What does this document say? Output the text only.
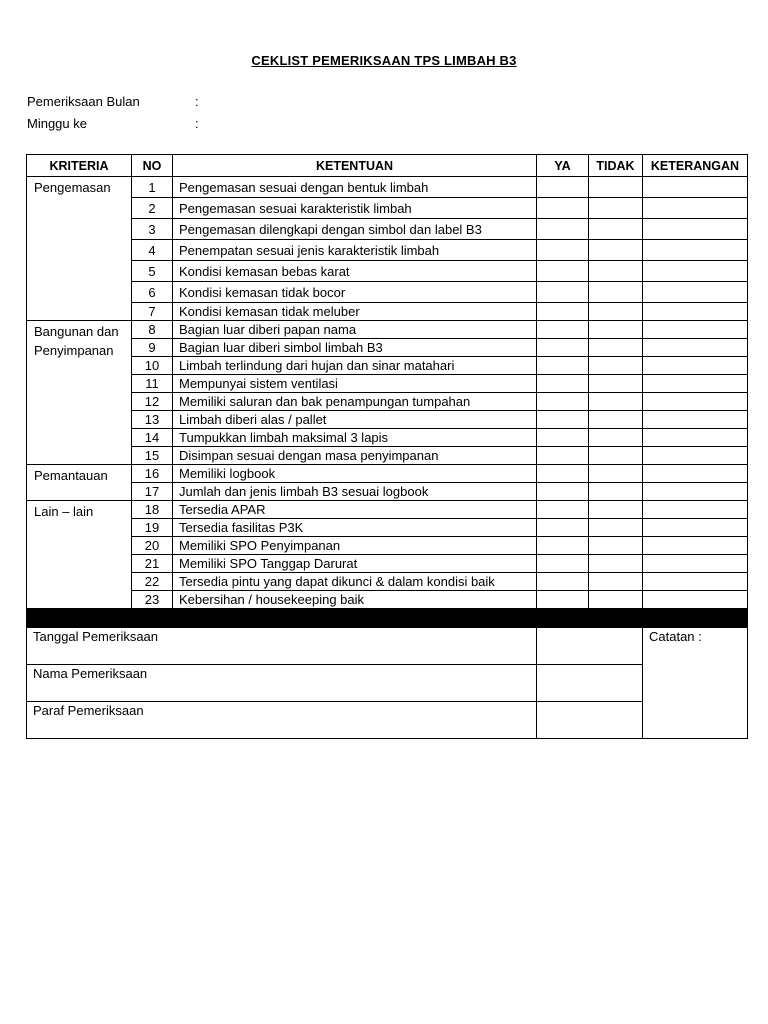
CEKLIST PEMERIKSAAN TPS LIMBAH B3
Pemeriksaan Bulan	:
Minggu ke	:
KRITERIA	NO	KETENTUAN	YA	TIDAK	KETERANGAN
Pengemasan	1	Pengemasan sesuai dengan bentuk limbah			
	2	Pengemasan sesuai karakteristik limbah			
	3	Pengemasan dilengkapi dengan simbol dan label B3			
	4	Penempatan sesuai jenis karakteristik limbah			
	5	Kondisi kemasan bebas karat			
	6	Kondisi kemasan tidak bocor			
	7	Kondisi kemasan tidak meluber			
Bangunan dan Penyimpanan	8	Bagian luar diberi papan nama			
	9	Bagian luar diberi simbol limbah B3			
	10	Limbah terlindung dari hujan dan sinar matahari			
	11	Mempunyai sistem ventilasi			
	12	Memiliki saluran dan bak penampungan tumpahan			
	13	Limbah diberi alas / pallet			
	14	Tumpukkan limbah maksimal 3 lapis			
	15	Disimpan sesuai dengan masa penyimpanan			
Pemantauan	16	Memiliki logbook			
	17	Jumlah dan jenis limbah B3 sesuai logbook			
Lain – lain	18	Tersedia APAR			
	19	Tersedia fasilitas P3K			
	20	Memiliki SPO Penyimpanan			
	21	Memiliki SPO Tanggap Darurat			
	22	Tersedia pintu yang dapat dikunci & dalam kondisi baik			
	23	Kebersihan / housekeeping baik			

Tanggal Pemeriksaan					Catatan :
Nama Pemeriksaan					
Paraf Pemeriksaan					
